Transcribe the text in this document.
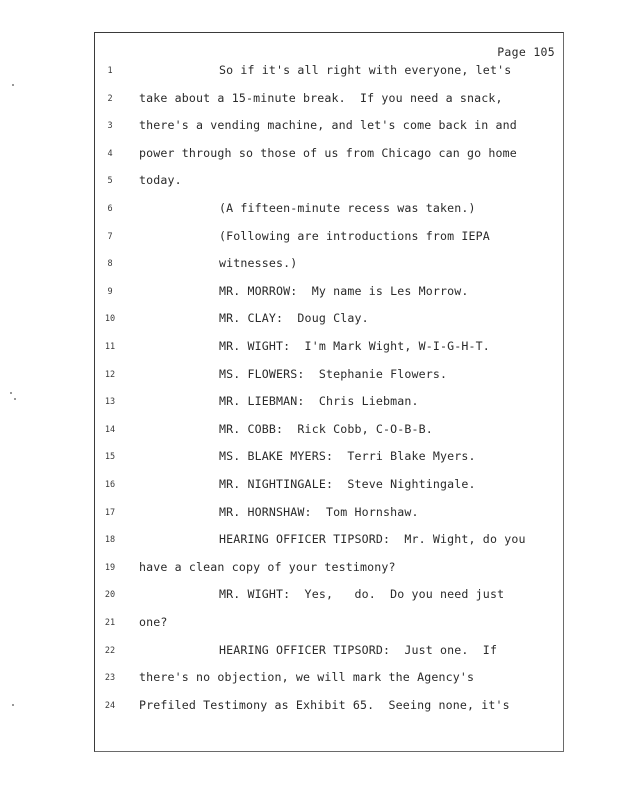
Page 105
1	So if it's all right with everyone, let's
2	take about a 15-minute break.  If you need a snack,
3	there's a vending machine, and let's come back in and
4	power through so those of us from Chicago can go home
5	today.
6	(A fifteen-minute recess was taken.)
7	(Following are introductions from IEPA
8	witnesses.)
9	MR. MORROW:  My name is Les Morrow.
10	MR. CLAY:  Doug Clay.
11	MR. WIGHT:  I'm Mark Wight, W-I-G-H-T.
12	MS. FLOWERS:  Stephanie Flowers.
13	MR. LIEBMAN:  Chris Liebman.
14	MR. COBB:  Rick Cobb, C-O-B-B.
15	MS. BLAKE MYERS:  Terri Blake Myers.
16	MR. NIGHTINGALE:  Steve Nightingale.
17	MR. HORNSHAW:  Tom Hornshaw.
18	HEARING OFFICER TIPSORD:  Mr. Wight, do you
19	have a clean copy of your testimony?
20	MR. WIGHT:  Yes,   do.  Do you need just
21	one?
22	HEARING OFFICER TIPSORD:  Just one.  If
23	there's no objection, we will mark the Agency's
24	Prefiled Testimony as Exhibit 65.  Seeing none, it's
